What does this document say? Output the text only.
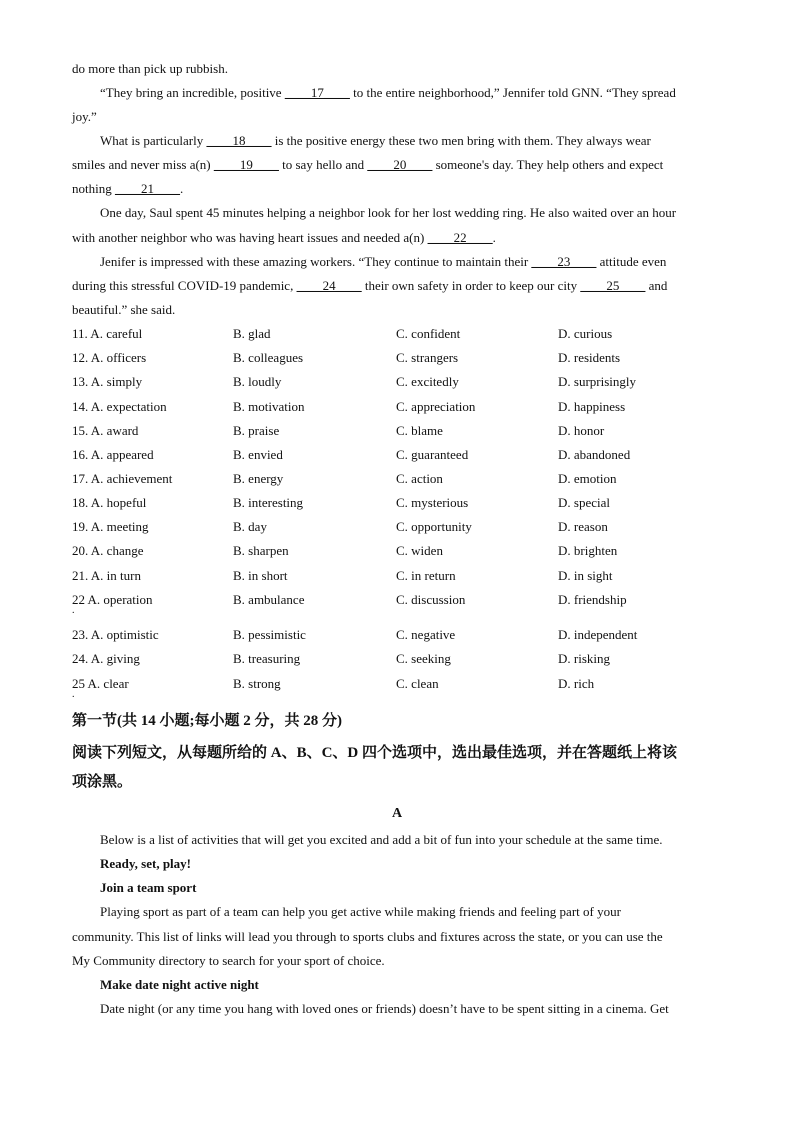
do more than pick up rubbish.
“They bring an incredible, positive ____17____ to the entire neighborhood,” Jennifer told GNN. “They spread
joy.”
What is particularly ____18____ is the positive energy these two men bring with them. They always wear
smiles and never miss a(n) ____19____ to say hello and ____20____ someone's day. They help others and expect
nothing ____21____.
One day, Saul spent 45 minutes helping a neighbor look for her lost wedding ring. He also waited over an hour
with another neighbor who was having heart issues and needed a(n) ____22____.
Jenifer is impressed with these amazing workers. “They continue to maintain their ____23____ attitude even
during this stressful COVID-19 pandemic, ____24____ their own safety in order to keep our city ____25____ and
beautiful.” she said.
11. A. careful	B. glad	C. confident	D. curious
12. A. officers	B. colleagues	C. strangers	D. residents
13. A. simply	B. loudly	C. excitedly	D. surprisingly
14. A. expectation	B. motivation	C. appreciation	D. happiness
15. A. award	B. praise	C. blame	D. honor
16. A. appeared	B. envied	C. guaranteed	D. abandoned
17. A. achievement	B. energy	C. action	D. emotion
18. A. hopeful	B. interesting	C. mysterious	D. special
19. A. meeting	B. day	C. opportunity	D. reason
20. A. change	B. sharpen	C. widen	D. brighten
21. A. in turn	B. in short	C. in return	D. in sight
22 A. operation	B. ambulance	C. discussion	D. friendship
.
23. A. optimistic	B. pessimistic	C. negative	D. independent
24. A. giving	B. treasuring	C. seeking	D. risking
25 A. clear	B. strong	C. clean	D. rich
.
第一节(共 14 小题;每小题 2 分，共 28 分)
阅读下列短文，从每题所给的 A、B、C、D 四个选项中，选出最佳选项，并在答题纸上将该
项涂黑。
A
Below is a list of activities that will get you excited and add a bit of fun into your schedule at the same time.
Ready, set, play!
Join a team sport
Playing sport as part of a team can help you get active while making friends and feeling part of your
community. This list of links will lead you through to sports clubs and fixtures across the state, or you can use the
My Community directory to search for your sport of choice.
Make date night active night
Date night (or any time you hang with loved ones or friends) doesn’t have to be spent sitting in a cinema. Get
